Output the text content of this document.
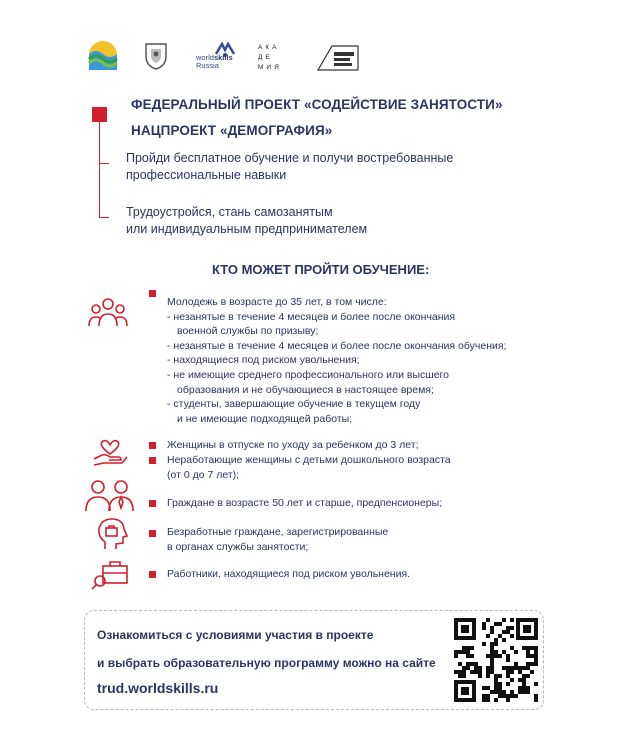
worldskills
Russia
АКА
ДЕ
МИЯ
ФЕДЕРАЛЬНЫЙ ПРОЕКТ «СОДЕЙСТВИЕ ЗАНЯТОСТИ»
НАЦПРОЕКТ «ДЕМОГРАФИЯ»
Пройди бесплатное обучение и получи востребованные
профессиональные навыки
Трудоустройся, стань самозанятым
или индивидуальным предпринимателем
КТО МОЖЕТ ПРОЙТИ ОБУЧЕНИЕ:
Молодежь в возрасте до 35 лет, в том числе:
- незанятые в течение 4 месяцев и более после окончания
военной службы по призыву;
- незанятые в течение 4 месяцев и более после окончания обучения;
- находящиеся под риском увольнения;
- не имеющие среднего профессионального или высшего
образования и не обучающиеся в настоящее время;
- студенты, завершающие обучение в текущем году
и не имеющие подходящей работы;
Женщины в отпуске по уходу за ребенком до 3 лет;
Неработающие женщины с детьми дошкольного возраста
(от 0 до 7 лет);
Граждане в возрасте 50 лет и старше, предпенсионеры;
Безработные граждане, зарегистрированные
в органах службы занятости;
Работники, находящиеся под риском увольнения.
Ознакомиться с условиями участия в проекте
и выбрать образовательную программу можно на сайте
trud.worldskills.ru
